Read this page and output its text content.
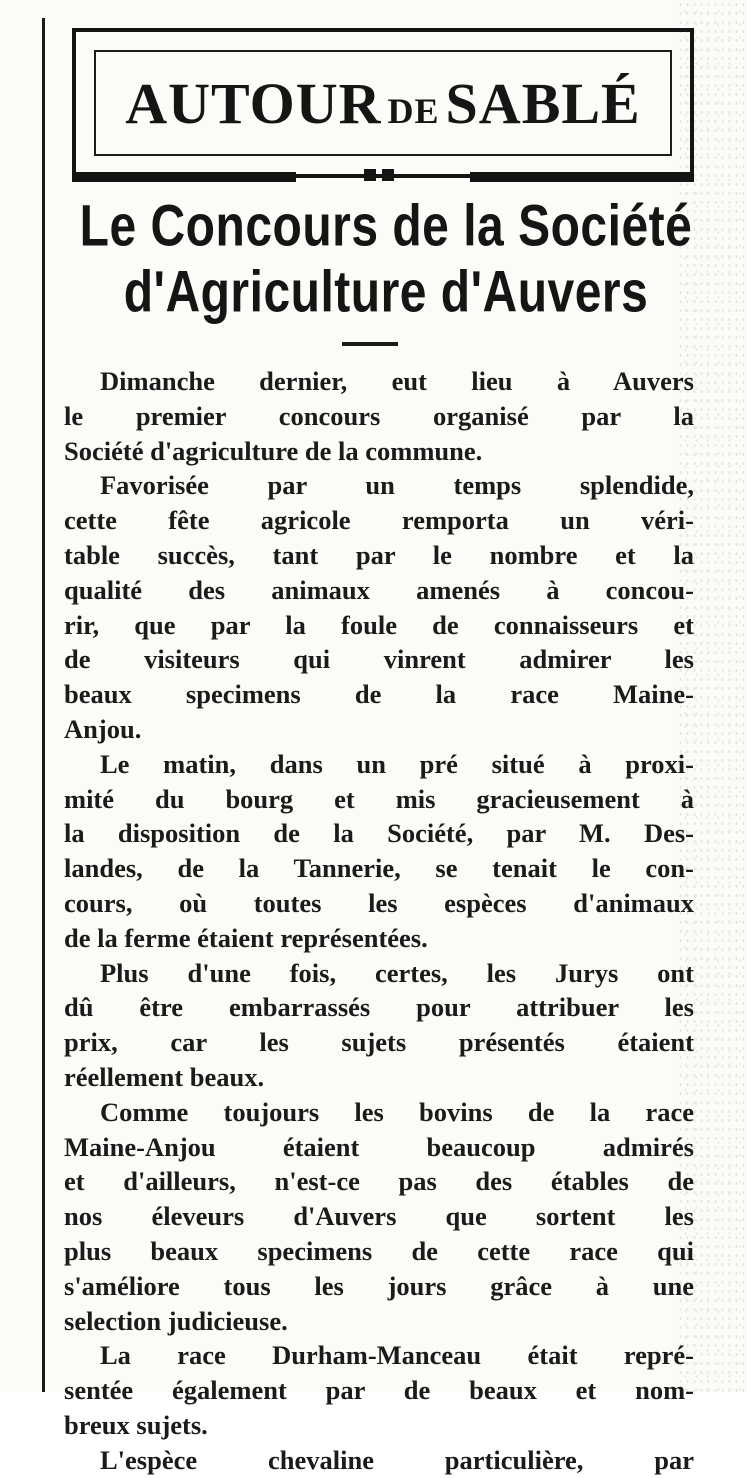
AUTOUR DE SABLÉ
Le Concours de la Société
d'Agriculture d'Auvers
Dimanche dernier, eut lieu à Auvers
le premier concours organisé par la
Société d'agriculture de la commune.
Favorisée par un temps splendide,
cette fête agricole remporta un véri-
table succès, tant par le nombre et la
qualité des animaux amenés à concou-
rir, que par la foule de connaisseurs et
de visiteurs qui vinrent admirer les
beaux specimens de la race Maine-
Anjou.
Le matin, dans un pré situé à proxi-
mité du bourg et mis gracieusement à
la disposition de la Société, par M. Des-
landes, de la Tannerie, se tenait le con-
cours, où toutes les espèces d'animaux
de la ferme étaient représentées.
Plus d'une fois, certes, les Jurys ont
dû être embarrassés pour attribuer les
prix, car les sujets présentés étaient
réellement beaux.
Comme toujours les bovins de la race
Maine-Anjou étaient beaucoup admirés
et d'ailleurs, n'est-ce pas des étables de
nos éleveurs d'Auvers que sortent les
plus beaux specimens de cette race qui
s'améliore tous les jours grâce à une
selection judicieuse.
La race Durham-Manceau était repré-
sentée également par de beaux et nom-
breux sujets.
L'espèce chevaline particulière, par
